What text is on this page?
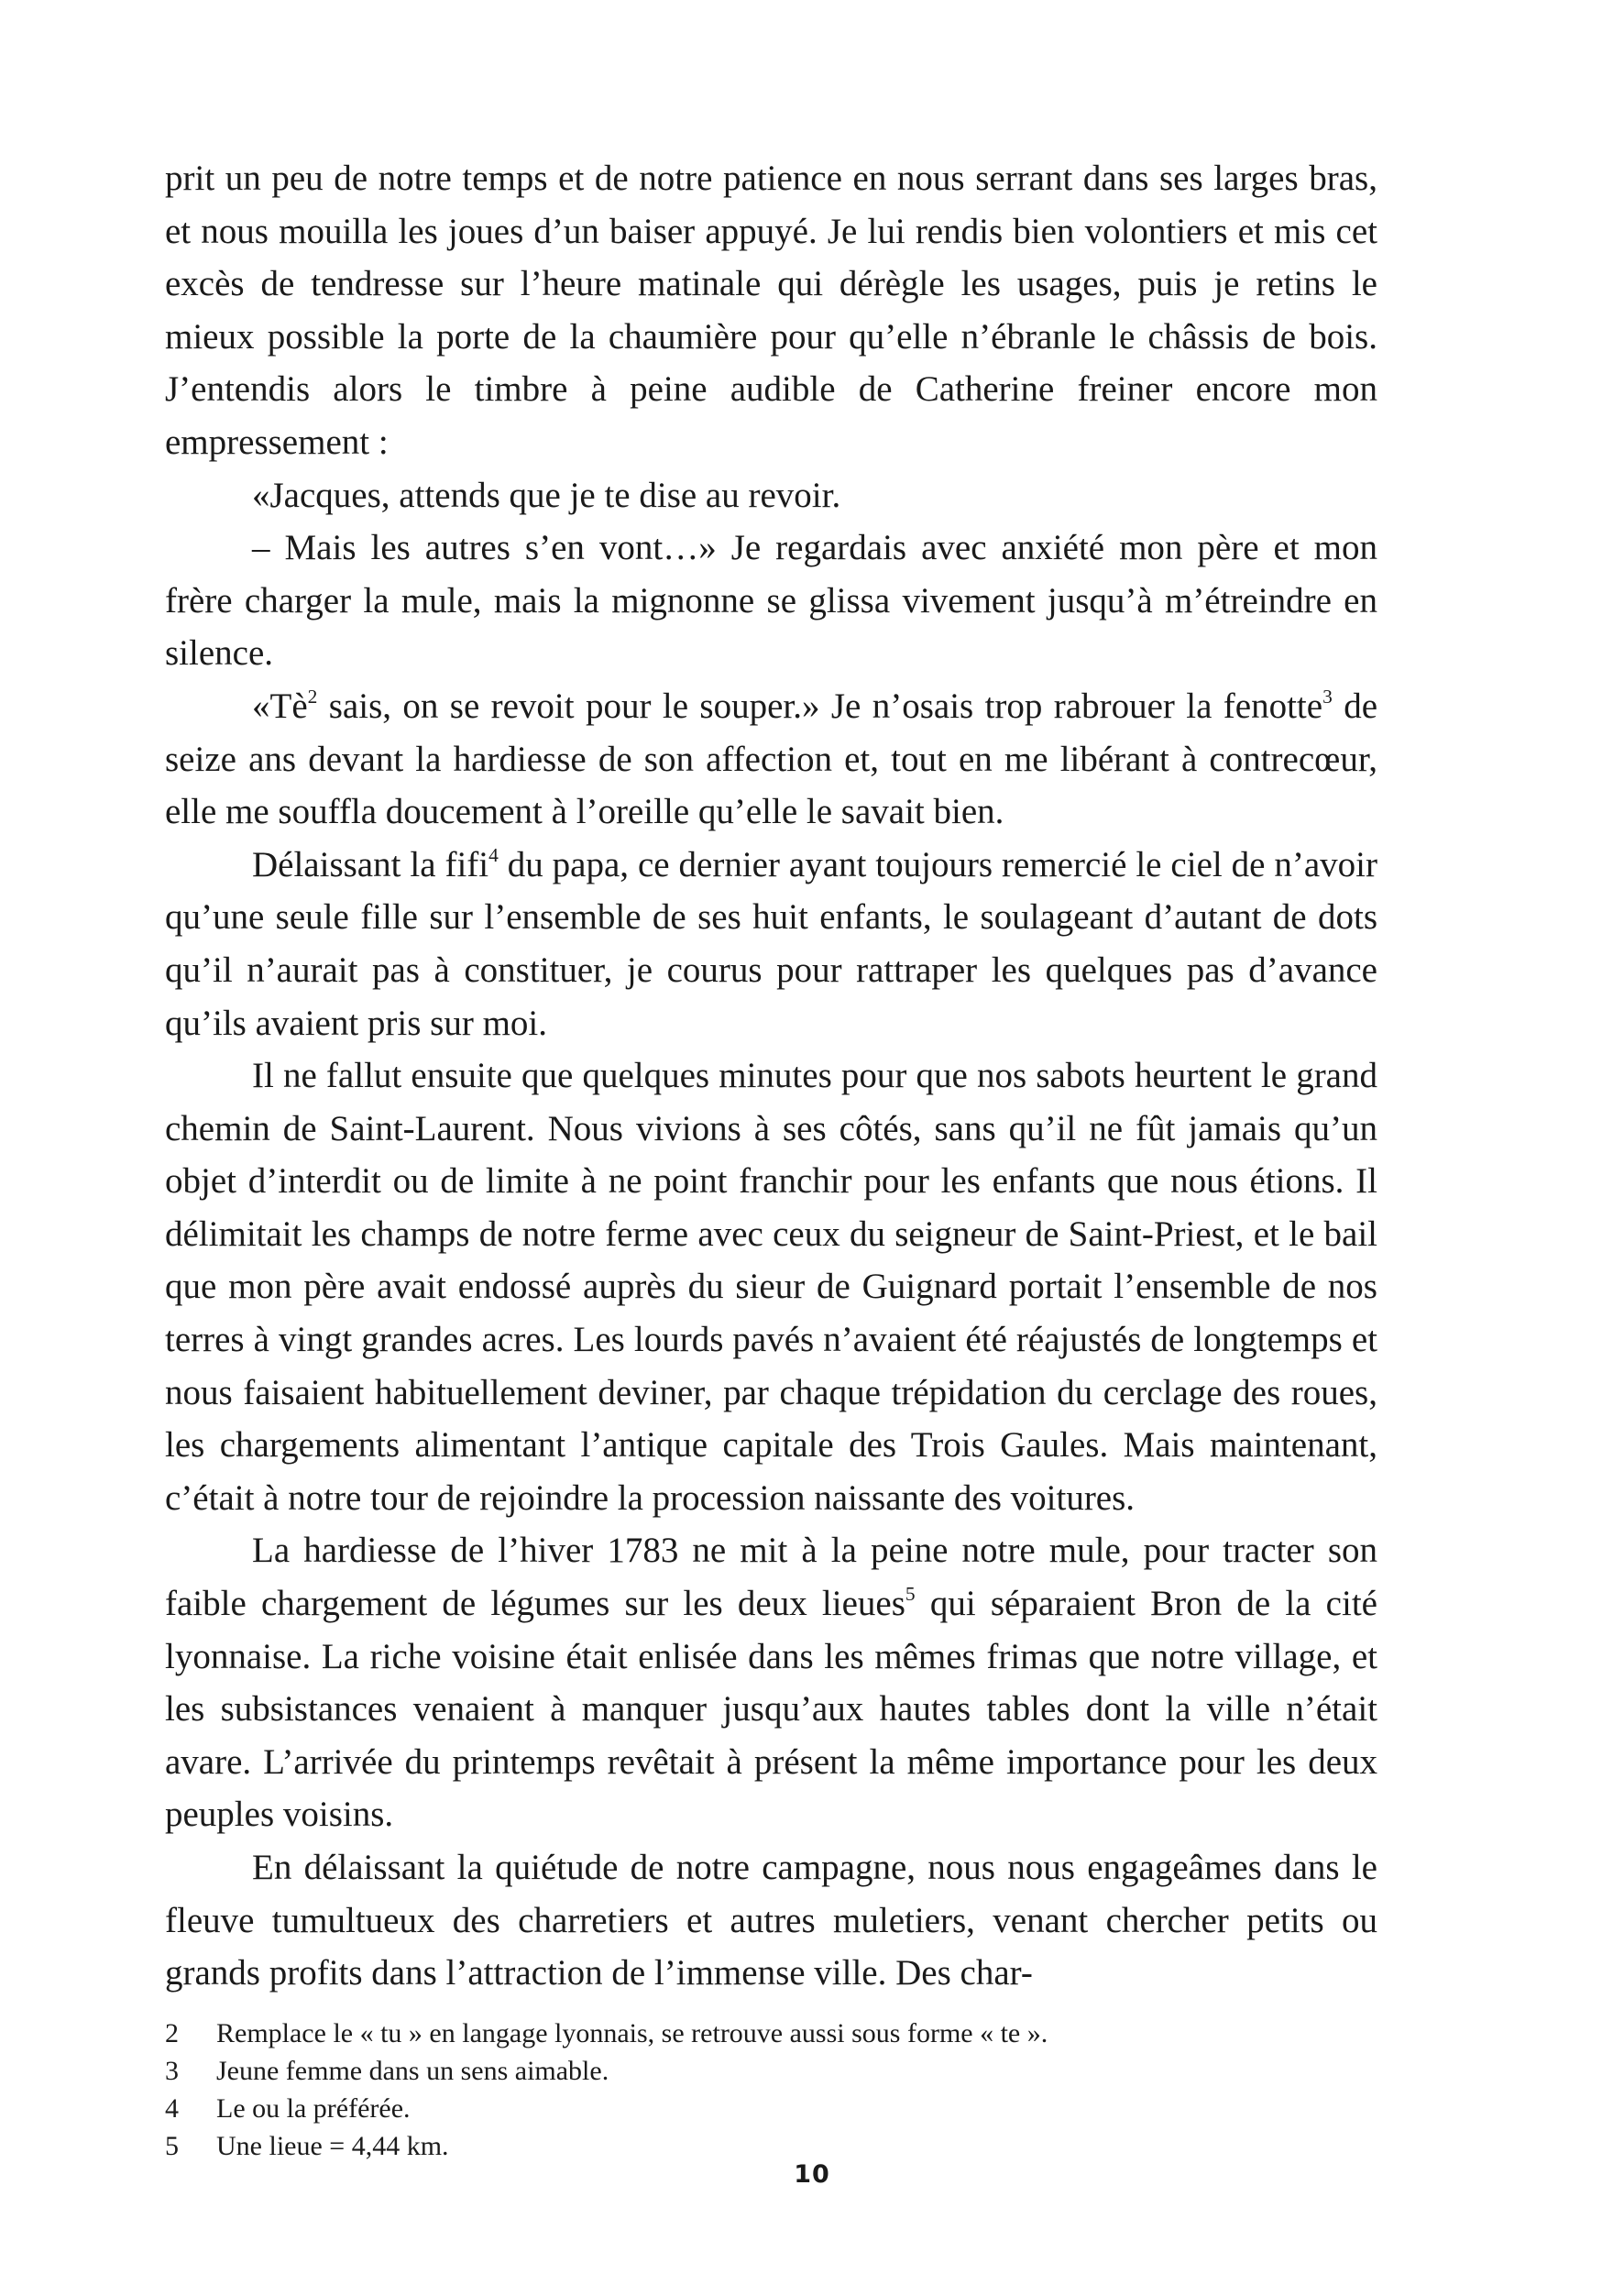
prit un peu de notre temps et de notre patience en nous serrant dans ses larges bras, et nous mouilla les joues d’un baiser appuyé. Je lui rendis bien volontiers et mis cet excès de tendresse sur l’heure matinale qui dérègle les usages, puis je retins le mieux possible la porte de la chaumière pour qu’elle n’ébranle le châssis de bois. J’entendis alors le timbre à peine audible de Catherine freiner encore mon empressement :

«Jacques, attends que je te dise au revoir.

– Mais les autres s’en vont…» Je regardais avec anxiété mon père et mon frère charger la mule, mais la mignonne se glissa vivement jusqu’à m’étreindre en silence.

«$Tè^2$ sais, on se revoit pour le souper.» Je n’osais trop rabrouer la fenotte$^3$ de seize ans devant la hardiesse de son affection et, tout en me libérant à contrecœur, elle me souffla doucement à l’oreille qu’elle le savait bien.

Délaissant la fifi$^4$ du papa, ce dernier ayant toujours remercié le ciel de n’avoir qu’une seule fille sur l’ensemble de ses huit enfants, le soulageant d’autant de dots qu’il n’aurait pas à constituer, je courus pour rattraper les quelques pas d’avance qu’ils avaient pris sur moi.

Il ne fallut ensuite que quelques minutes pour que nos sabots heurtent le grand chemin de Saint-Laurent. Nous vivions à ses côtés, sans qu’il ne fût jamais qu’un objet d’interdit ou de limite à ne point franchir pour les enfants que nous étions. Il délimitait les champs de notre ferme avec ceux du seigneur de Saint-Priest, et le bail que mon père avait endossé auprès du sieur de Guignard portait l’ensemble de nos terres à vingt grandes acres. Les lourds pavés n’avaient été réajustés de longtemps et nous faisaient habituellement deviner, par chaque trépidation du cerclage des roues, les chargements alimentant l’antique capitale des Trois Gaules. Mais maintenant, c’était à notre tour de rejoindre la procession naissante des voitures.

La hardiesse de l’hiver 1783 ne mit à la peine notre mule, pour tracter son faible chargement de légumes sur les deux lieues$^5$ qui séparaient Bron de la cité lyonnaise. La riche voisine était enlisée dans les mêmes frimas que notre village, et les subsistances venaient à manquer jusqu’aux hautes tables dont la ville n’était avare. L’arrivée du printemps revêtait à présent la même importance pour les deux peuples voisins.

En délaissant la quiétude de notre campagne, nous nous engageâmes dans le fleuve tumultueux des charretiers et autres muletiers, venant chercher petits ou grands profits dans l’attraction de l’immense ville. Des char-

2	Remplace le « tu » en langage lyonnais, se retrouve aussi sous forme « te ».
3	Jeune femme dans un sens aimable.
4	Le ou la préférée.
5	Une lieue = 4,44 km.
10
